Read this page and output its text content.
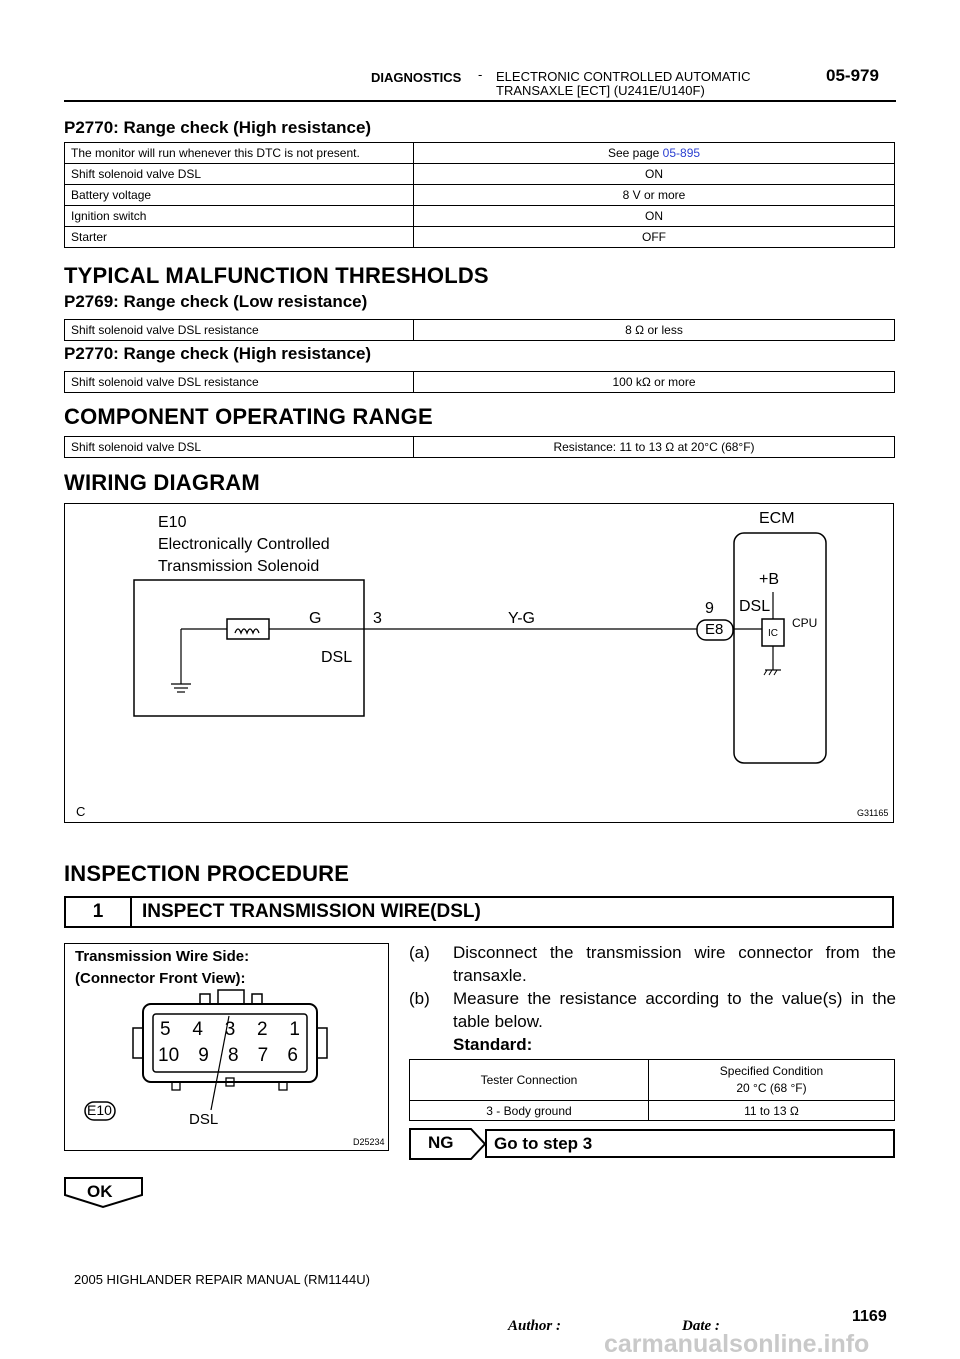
DIAGNOSTICS - ELECTRONIC CONTROLLED AUTOMATIC
TRANSAXLE [ECT] (U241E/U140F)
05-979
P2770: Range check (High resistance)
The monitor will run whenever this DTC is not present.	See page 05-895
Shift solenoid valve DSL	ON
Battery voltage	8 V or more
Ignition switch	ON
Starter	OFF
TYPICAL MALFUNCTION THRESHOLDS
P2769: Range check (Low resistance)
Shift solenoid valve DSL resistance	8 Ω or less
P2770: Range check (High resistance)
Shift solenoid valve DSL resistance	100 kΩ or more
COMPONENT OPERATING RANGE
Shift solenoid valve DSL	Resistance: 11 to 13 Ω at 20°C (68°F)
WIRING DIAGRAM
E10
Electronically Controlled
Transmission Solenoid
ECM
+B
9 DSL
CPU
IC
E8
G	3	Y-G
DSL
C	G31165
INSPECTION PROCEDURE
1	INSPECT TRANSMISSION WIRE(DSL)
Transmission Wire Side:
(Connector Front View):
5 4 3 2 1
10 9 8 7 6
E10
DSL
D25234
(a) Disconnect the transmission wire connector from the
transaxle.
(b) Measure the resistance according to the value(s) in the
table below.
Standard:
Tester Connection	Specified Condition
20 °C (68 °F)

3 - Body ground	11 to 13 Ω
NG Go to step 3
OK
2005 HIGHLANDER REPAIR MANUAL (RM1144U)
Author :	Date :
1169
carmanualsonline.info
